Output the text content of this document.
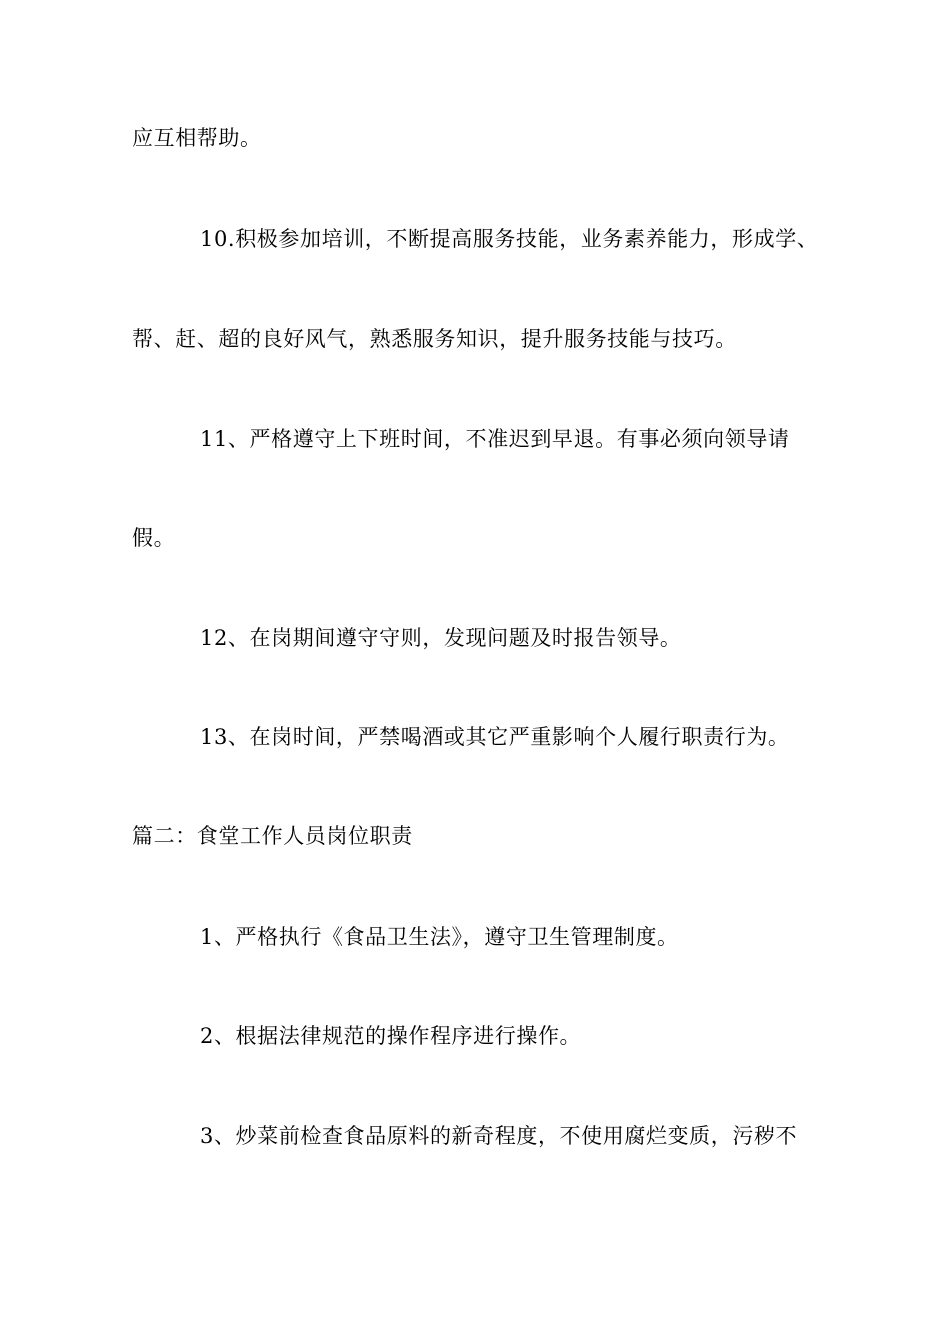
应互相帮助。
10.积极参加培训，不断提高服务技能，业务素养能力，形成学、
帮、赶、超的良好风气，熟悉服务知识，提升服务技能与技巧。
11、严格遵守上下班时间，不准迟到早退。有事必须向领导请
假。
12、在岗期间遵守守则，发现问题及时报告领导。
13、在岗时间，严禁喝酒或其它严重影响个人履行职责行为。
篇二：食堂工作人员岗位职责
1、严格执行《食品卫生法》，遵守卫生管理制度。
2、根据法律规范的操作程序进行操作。
3、炒菜前检查食品原料的新奇程度，不使用腐烂变质，污秽不
